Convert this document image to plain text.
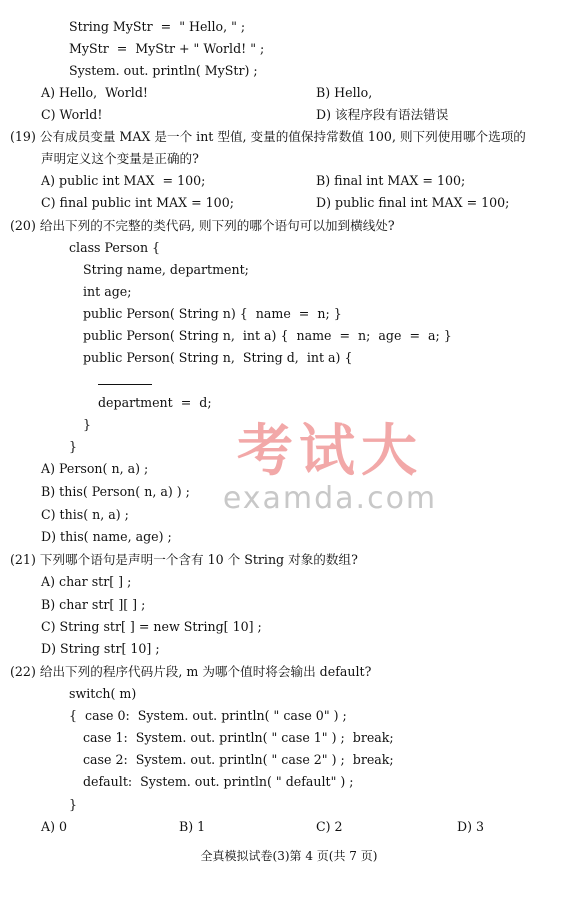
String MyStr  =  " Hello, " ;
MyStr  =  MyStr + " World! " ;
System. out. println( MyStr) ;
A) Hello,  World!	B) Hello,
C) World!	D) 该程序段有语法错误
(19) 公有成员变量 MAX 是一个 int 型值, 变量的值保持常数值 100, 则下列使用哪个选项的
声明定义这个变量是正确的?
A) public int MAX  = 100;	B) final int MAX = 100;
C) final public int MAX = 100;	D) public final int MAX = 100;
(20) 给出下列的不完整的类代码, 则下列的哪个语句可以加到横线处?
class Person {
String name, department;
int age;
public Person( String n) {  name  =  n; }
public Person( String n,  int a) {  name  =  n;  age  =  a; }
public Person( String n,  String d,  int a) {
department  =  d;
}
}
A) Person( n, a) ;
B) this( Person( n, a) ) ;
C) this( n, a) ;
D) this( name, age) ;
(21) 下列哪个语句是声明一个含有 10 个 String 对象的数组?
A) char str[ ] ;
B) char str[ ][ ] ;
C) String str[ ] = new String[ 10] ;
D) String str[ 10] ;
(22) 给出下列的程序代码片段, m 为哪个值时将会输出 default?
switch( m)
{  case 0:  System. out. println( " case 0" ) ;
case 1:  System. out. println( " case 1" ) ;  break;
case 2:  System. out. println( " case 2" ) ;  break;
default:  System. out. println( " default" ) ;
}
A) 0	B) 1	C) 2	D) 3
考试大
examda.com
全真模拟试卷(3)第 4 页(共 7 页)
